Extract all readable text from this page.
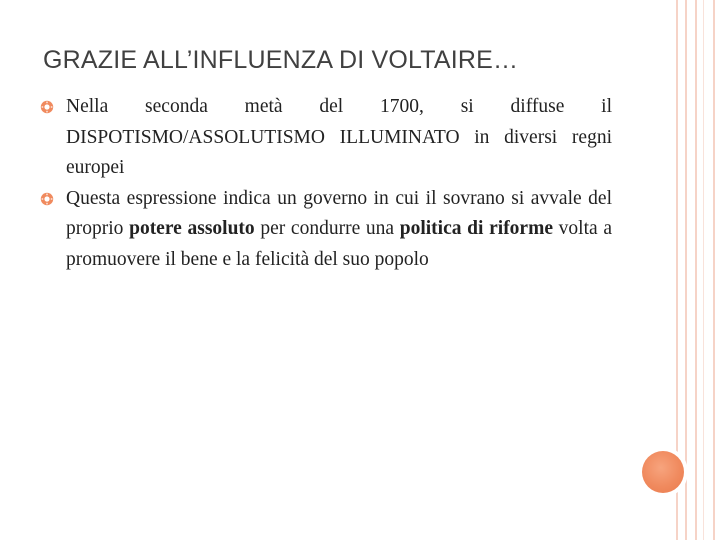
GRAZIE ALL’INFLUENZA DI VOLTAIRE…
Nella seconda metà del 1700, si diffuse il DISPOTISMO/ASSOLUTISMO ILLUMINATO in diversi regni europei
Questa espressione indica un governo in cui il sovrano si avvale del proprio potere assoluto per condurre una politica di riforme volta a promuovere il bene e la felicità del suo popolo
